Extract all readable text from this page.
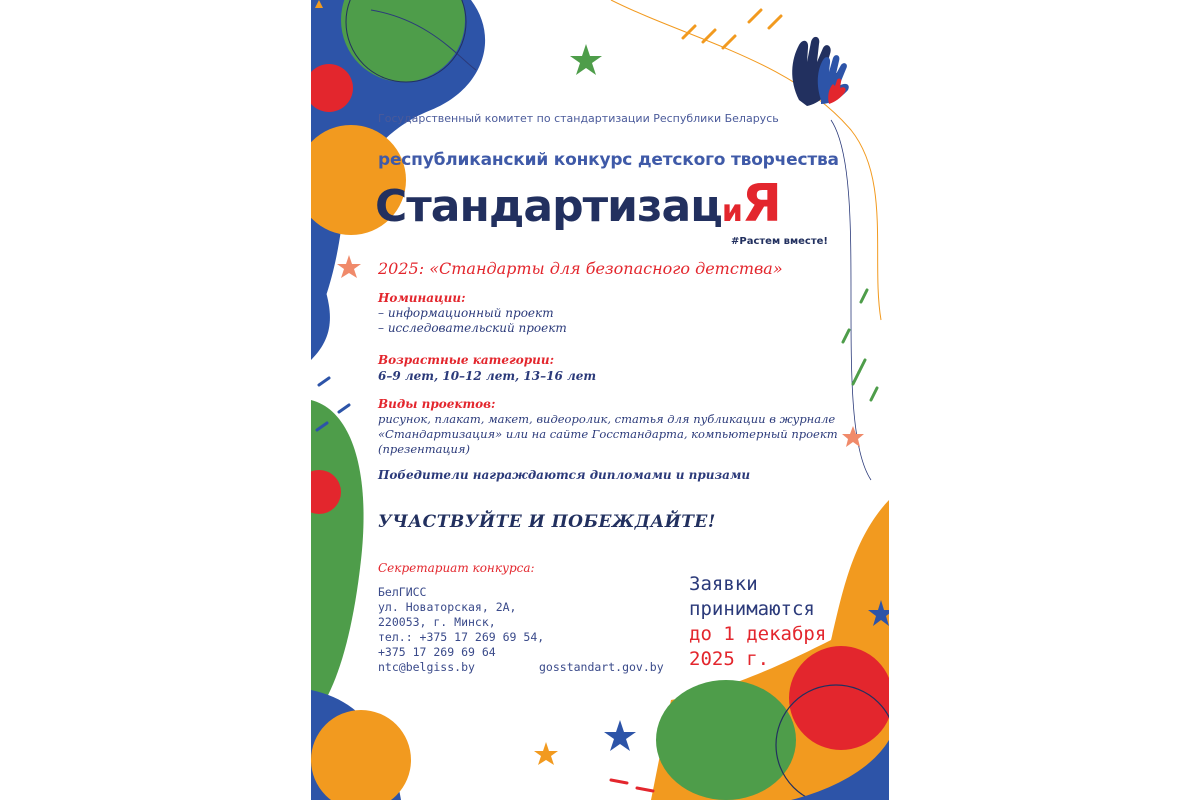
Государственный комитет по стандартизации Республики Беларусь

республиканский конкурс детского творчества

СтандартизациЯ

#Растем вместе!

2025: «Стандарты для безопасного детства»

Номинации:

– информационный проект

– исследовательский проект

Возрастные категории:

6–9 лет, 10–12 лет, 13–16 лет

Виды проектов:

рисунок, плакат, макет, видеоролик, статья для публикации в журнале

«Стандартизация» или на сайте Госстандарта, компьютерный проект

(презентация)

Победители награждаются дипломами и призами

УЧАСТВУЙТЕ И ПОБЕЖДАЙТЕ!

Секретариат конкурса:

БелГИСС

ул. Новаторская, 2А,

220053, г. Минск,

тел.: +375 17 269 69 54,

+375 17 269 69 64

ntc@belgiss.by	gosstandart.gov.by

Заявки

принимаются

до 1 декабря

2025 г.
